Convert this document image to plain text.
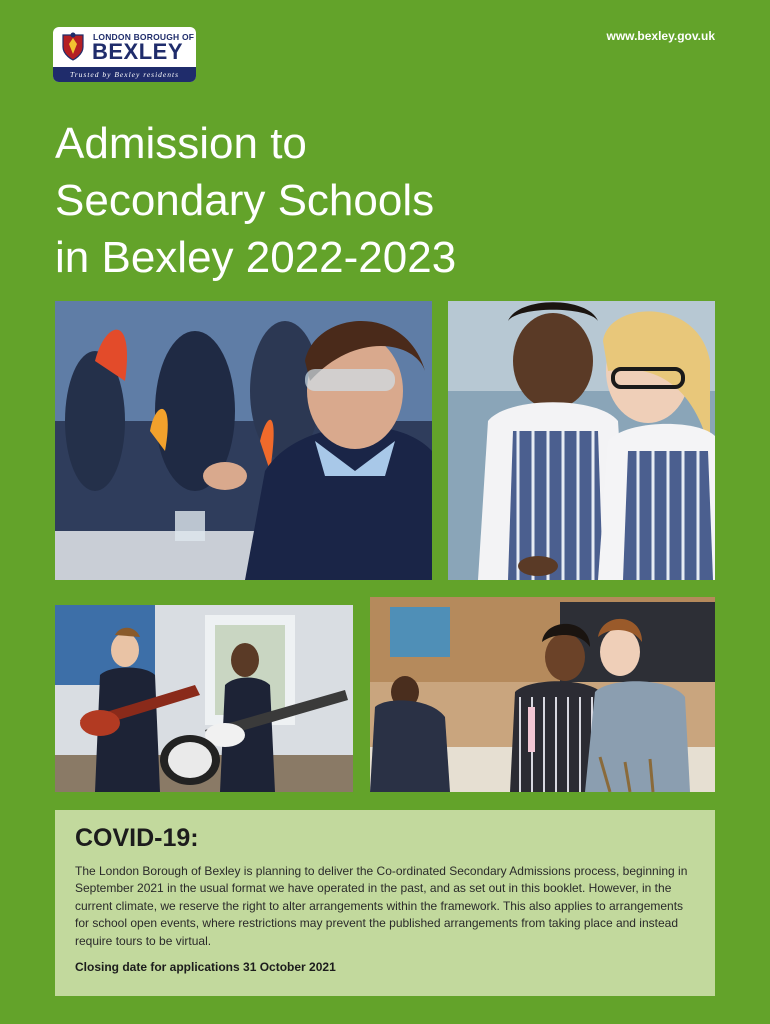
LONDON BOROUGH OF
BEXLEY
Trusted by Bexley residents
www.bexley.gov.uk
Admission to
Secondary Schools
in Bexley 2022-2023
COVID-19:

The London Borough of Bexley is planning to deliver the Co-ordinated Secondary Admissions process, beginning in September 2021 in the usual format we have operated in the past, and as set out in this booklet. However, in the current climate, we reserve the right to alter arrangements within the framework. This also applies to arrangements for school open events, where restrictions may prevent the published arrangements from taking place and instead require tours to be virtual.

Closing date for applications 31 October 2021
